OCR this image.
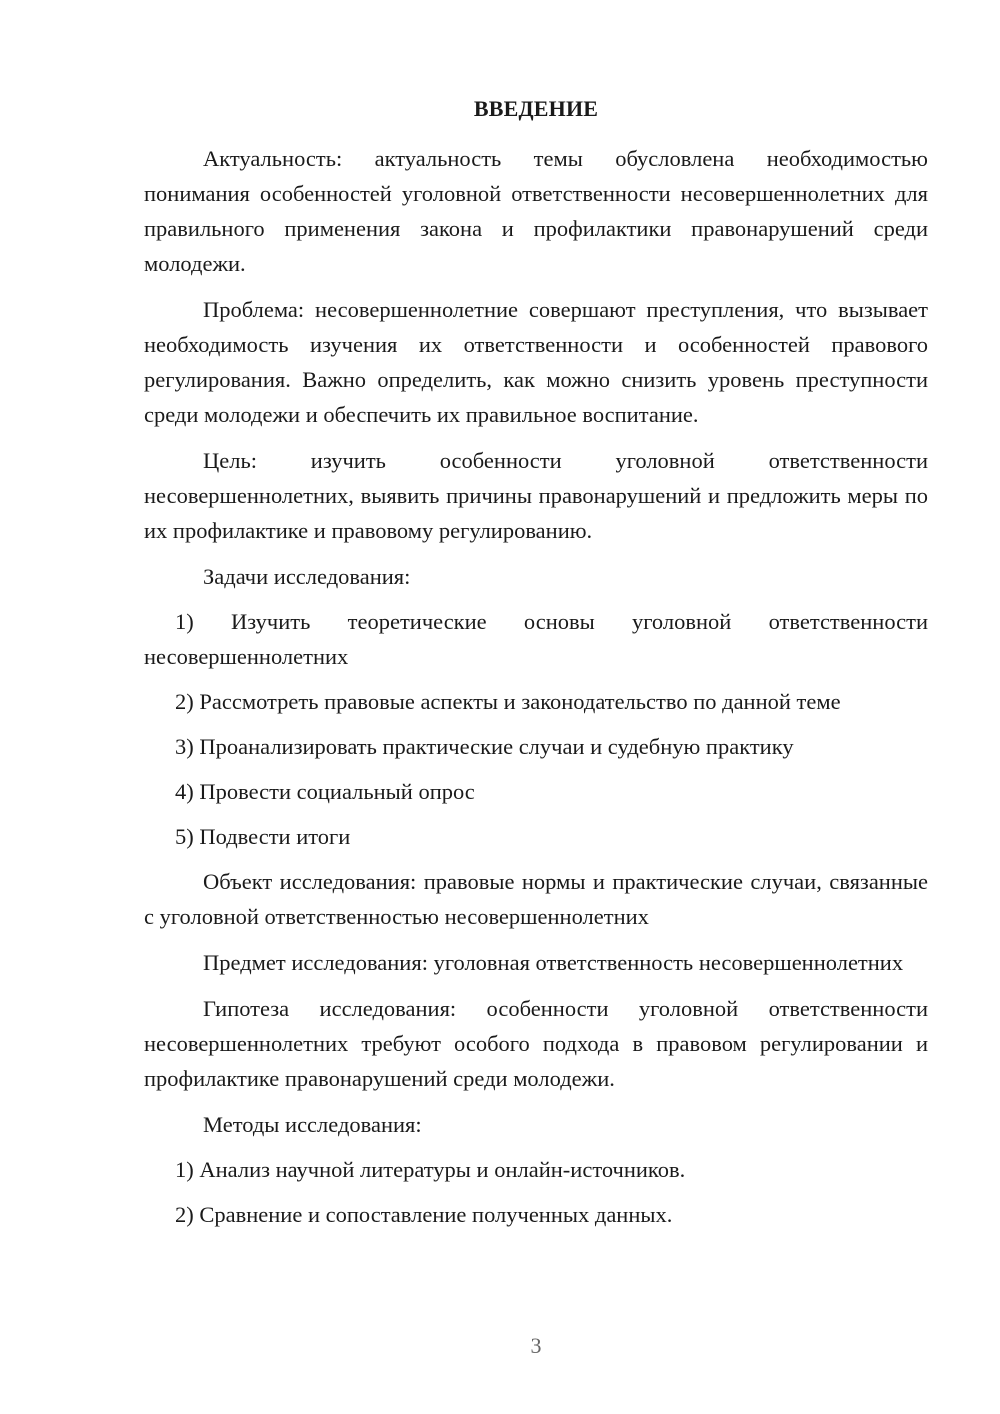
ВВЕДЕНИЕ

Актуальность: актуальность темы обусловлена необходимостью понимания особенностей уголовной ответственности несовершеннолетних для правильного применения закона и профилактики правонарушений среди молодежи.

Проблема: несовершеннолетние совершают преступления, что вызывает необходимость изучения их ответственности и особенностей правового регулирования. Важно определить, как можно снизить уровень преступности среди молодежи и обеспечить их правильное воспитание.

Цель: изучить особенности уголовной ответственности несовершеннолетних, выявить причины правонарушений и предложить меры по их профилактике и правовому регулированию.

Задачи исследования:

1) Изучить теоретические основы уголовной ответственности несовершеннолетних

2) Рассмотреть правовые аспекты и законодательство по данной теме

3) Проанализировать практические случаи и судебную практику

4) Провести социальный опрос

5) Подвести итоги

Объект исследования: правовые нормы и практические случаи, связанные с уголовной ответственностью несовершеннолетних

Предмет исследования: уголовная ответственность несовершеннолетних

Гипотеза исследования: особенности уголовной ответственности несовершеннолетних требуют особого подхода в правовом регулировании и профилактике правонарушений среди молодежи.

Методы исследования:

1) Анализ научной литературы и онлайн-источников.

2) Сравнение и сопоставление полученных данных.

3
